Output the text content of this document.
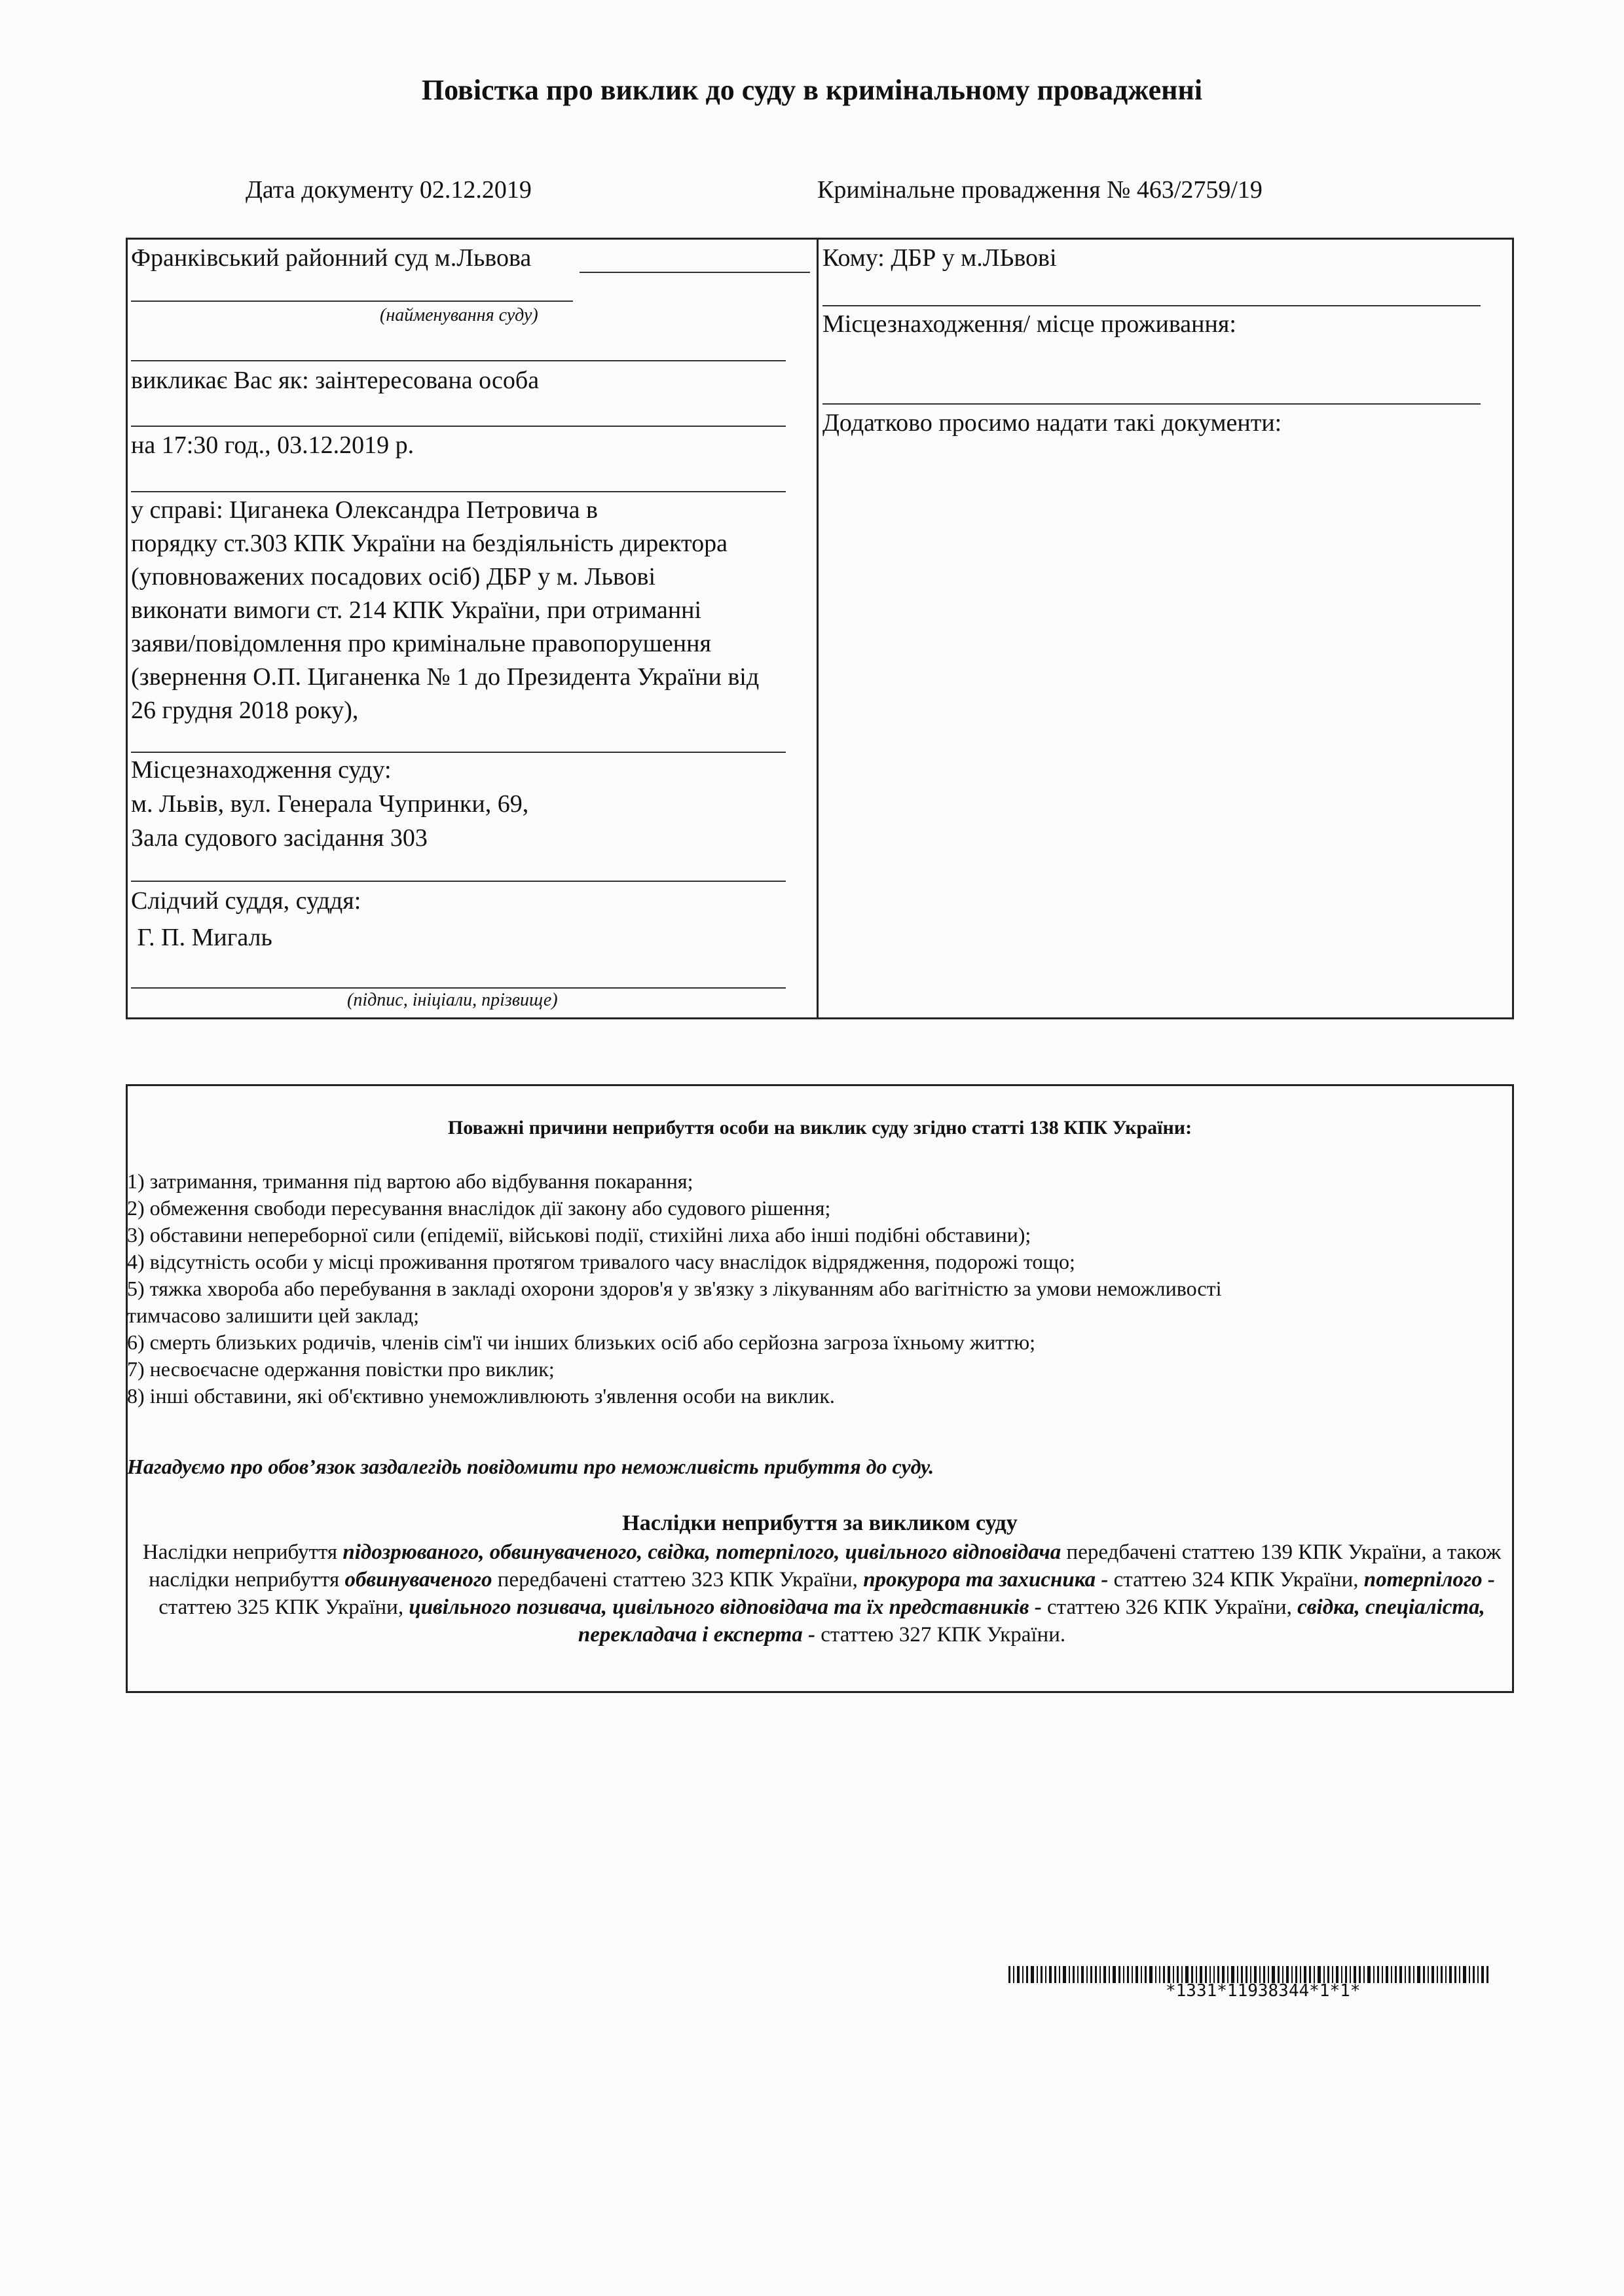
Повістка про виклик до суду в кримінальному провадженні
Дата документу 02.12.2019	Кримінальне провадження № 463/2759/19
Франківський районний суд м.Львова
(найменування суду)
викликає Вас як: заінтересована особа
на 17:30 год., 03.12.2019 р.
у справі: Циганека Олександра Петровича в
порядку ст.303 КПК України на бездіяльність директора
(уповноважених посадових осіб) ДБР у м. Львові
виконати вимоги ст. 214 КПК України, при отриманні
заяви/повідомлення про кримінальне правопорушення
(звернення О.П. Циганенка № 1 до Президента України від
26 грудня 2018 року),
Місцезнаходження суду:
м. Львів, вул. Генерала Чупринки, 69,
Зала судового засідання 303
Слідчий суддя, суддя:
Г. П. Мигаль
(підпис, ініціали, прізвище)
Кому: ДБР у м.ЛЬвові
Місцезнаходження/ місце проживання:
Додатково просимо надати такі документи:
Поважні причини неприбуття особи на виклик суду згідно статті 138 КПК України:
1) затримання, тримання під вартою або відбування покарання;
2) обмеження свободи пересування внаслідок дії закону або судового рішення;
3) обставини непереборної сили (епідемії, військові події, стихійні лиха або інші подібні обставини);
4) відсутність особи у місці проживання протягом тривалого часу внаслідок відрядження, подорожі тощо;
5) тяжка хвороба або перебування в закладі охорони здоров'я у зв'язку з лікуванням або вагітністю за умови неможливості
тимчасово залишити цей заклад;
6) смерть близьких родичів, членів сім'ї чи інших близьких осіб або серйозна загроза їхньому життю;
7) несвоєчасне одержання повістки про виклик;
8) інші обставини, які об'єктивно унеможливлюють з'явлення особи на виклик.
Нагадуємо про обов’язок заздалегідь повідомити про неможливість прибуття до суду.
Наслідки неприбуття за викликом суду
Наслідки неприбуття підозрюваного, обвинуваченого, свідка, потерпілого, цивільного відповідача передбачені статтею 139 КПК України, а також наслідки неприбуття обвинуваченого передбачені статтею 323 КПК України, прокурора та захисника - статтею 324 КПК України, потерпілого - статтею 325 КПК України, цивільного позивача, цивільного відповідача та їх представників - статтею 326 КПК України, свідка, спеціаліста, перекладача і експерта - статтею 327 КПК України.
*1331*11938344*1*1*
